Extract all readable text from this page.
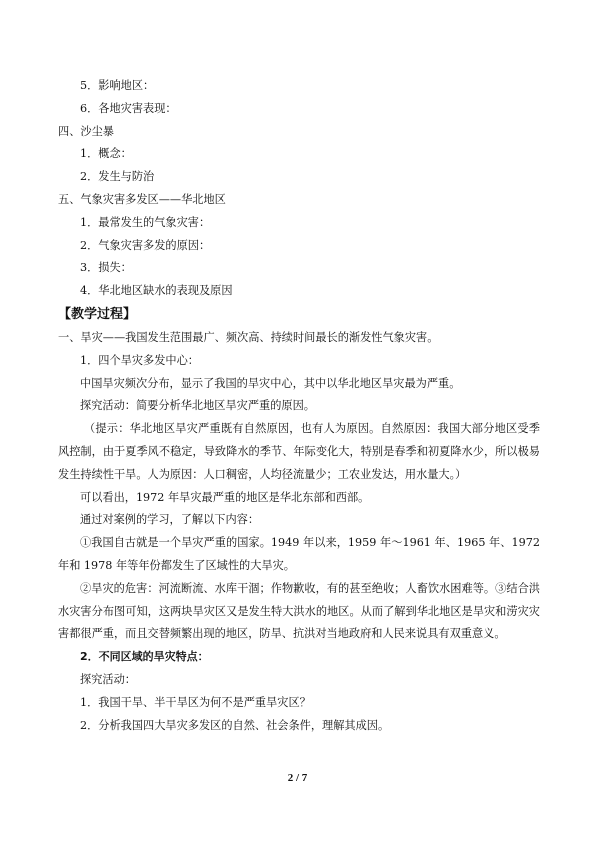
5．影响地区：
6．各地灾害表现：
四、沙尘暴
1．概念：
2．发生与防治
五、气象灾害多发区——华北地区
1．最常发生的气象灾害：
2．气象灾害多发的原因：
3．损失：
4．华北地区缺水的表现及原因
【教学过程】
一、旱灾——我国发生范围最广、频次高、持续时间最长的渐发性气象灾害。
1．四个旱灾多发中心：
中国旱灾频次分布，显示了我国的旱灾中心，其中以华北地区旱灾最为严重。
探究活动：简要分析华北地区旱灾严重的原因。
（提示：华北地区旱灾严重既有自然原因，也有人为原因。自然原因：我国大部分地区受季风控制，由于夏季风不稳定，导致降水的季节、年际变化大，特别是春季和初夏降水少，所以极易发生持续性干旱。人为原因：人口稠密，人均径流量少；工农业发达，用水量大。）
可以看出，1972 年旱灾最严重的地区是华北东部和西部。
通过对案例的学习，了解以下内容：
①我国自古就是一个旱灾严重的国家。1949 年以来，1959 年～1961 年、1965 年、1972 年和 1978 年等年份都发生了区域性的大旱灾。
②旱灾的危害：河流断流、水库干涸；作物歉收，有的甚至绝收；人畜饮水困难等。③结合洪水灾害分布图可知，这两块旱灾区又是发生特大洪水的地区。从而了解到华北地区是旱灾和涝灾灾害都很严重，而且交替频繁出现的地区，防旱、抗洪对当地政府和人民来说具有双重意义。
2．不同区域的旱灾特点：
探究活动：
1．我国干旱、半干旱区为何不是严重旱灾区？
2．分析我国四大旱灾多发区的自然、社会条件，理解其成因。
2 / 7
